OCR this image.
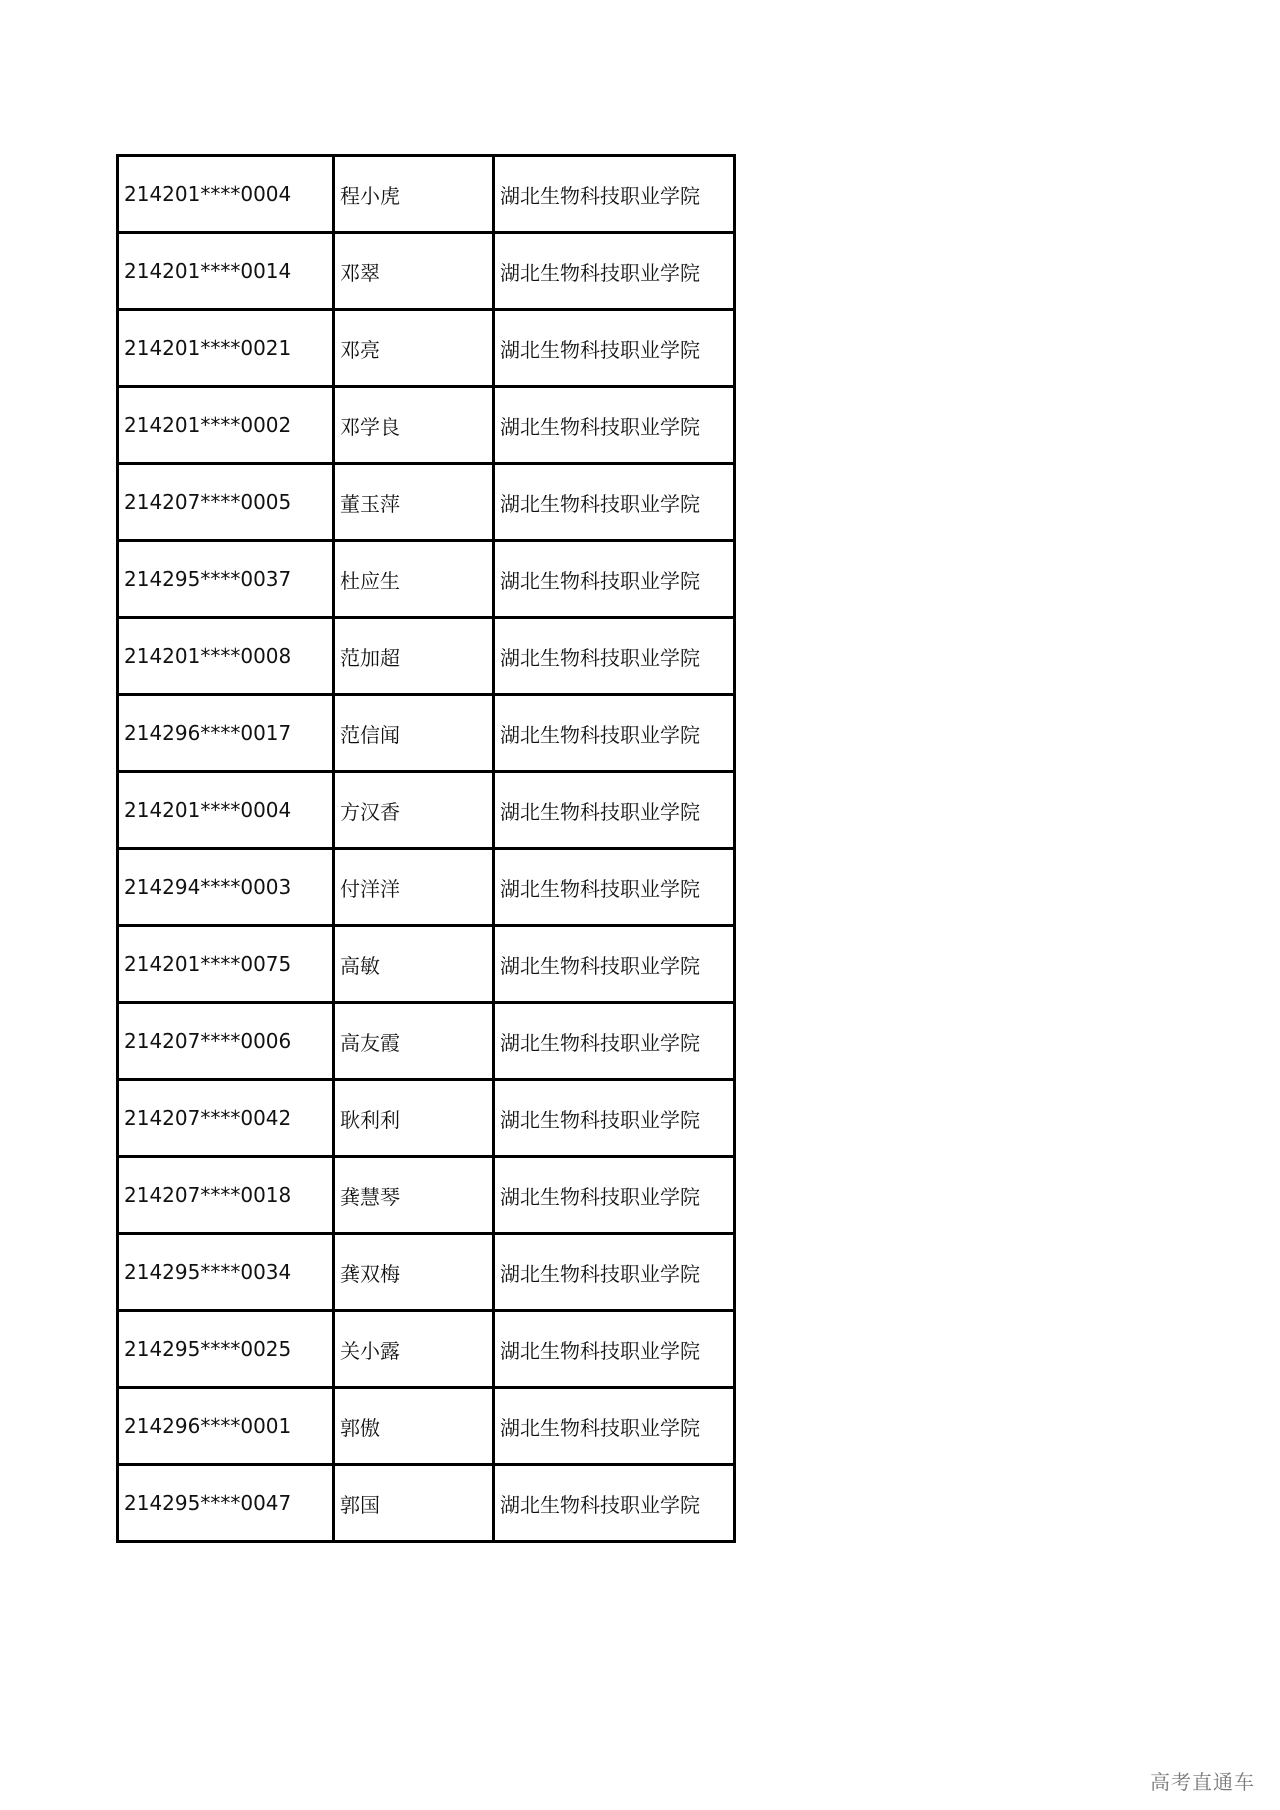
214201****0004	程小虎	湖北生物科技职业学院
214201****0014	邓翠	湖北生物科技职业学院
214201****0021	邓亮	湖北生物科技职业学院
214201****0002	邓学良	湖北生物科技职业学院
214207****0005	董玉萍	湖北生物科技职业学院
214295****0037	杜应生	湖北生物科技职业学院
214201****0008	范加超	湖北生物科技职业学院
214296****0017	范信闻	湖北生物科技职业学院
214201****0004	方汉香	湖北生物科技职业学院
214294****0003	付洋洋	湖北生物科技职业学院
214201****0075	高敏	湖北生物科技职业学院
214207****0006	高友霞	湖北生物科技职业学院
214207****0042	耿利利	湖北生物科技职业学院
214207****0018	龚慧琴	湖北生物科技职业学院
214295****0034	龚双梅	湖北生物科技职业学院
214295****0025	关小露	湖北生物科技职业学院
214296****0001	郭傲	湖北生物科技职业学院
214295****0047	郭国	湖北生物科技职业学院
高考直通车
